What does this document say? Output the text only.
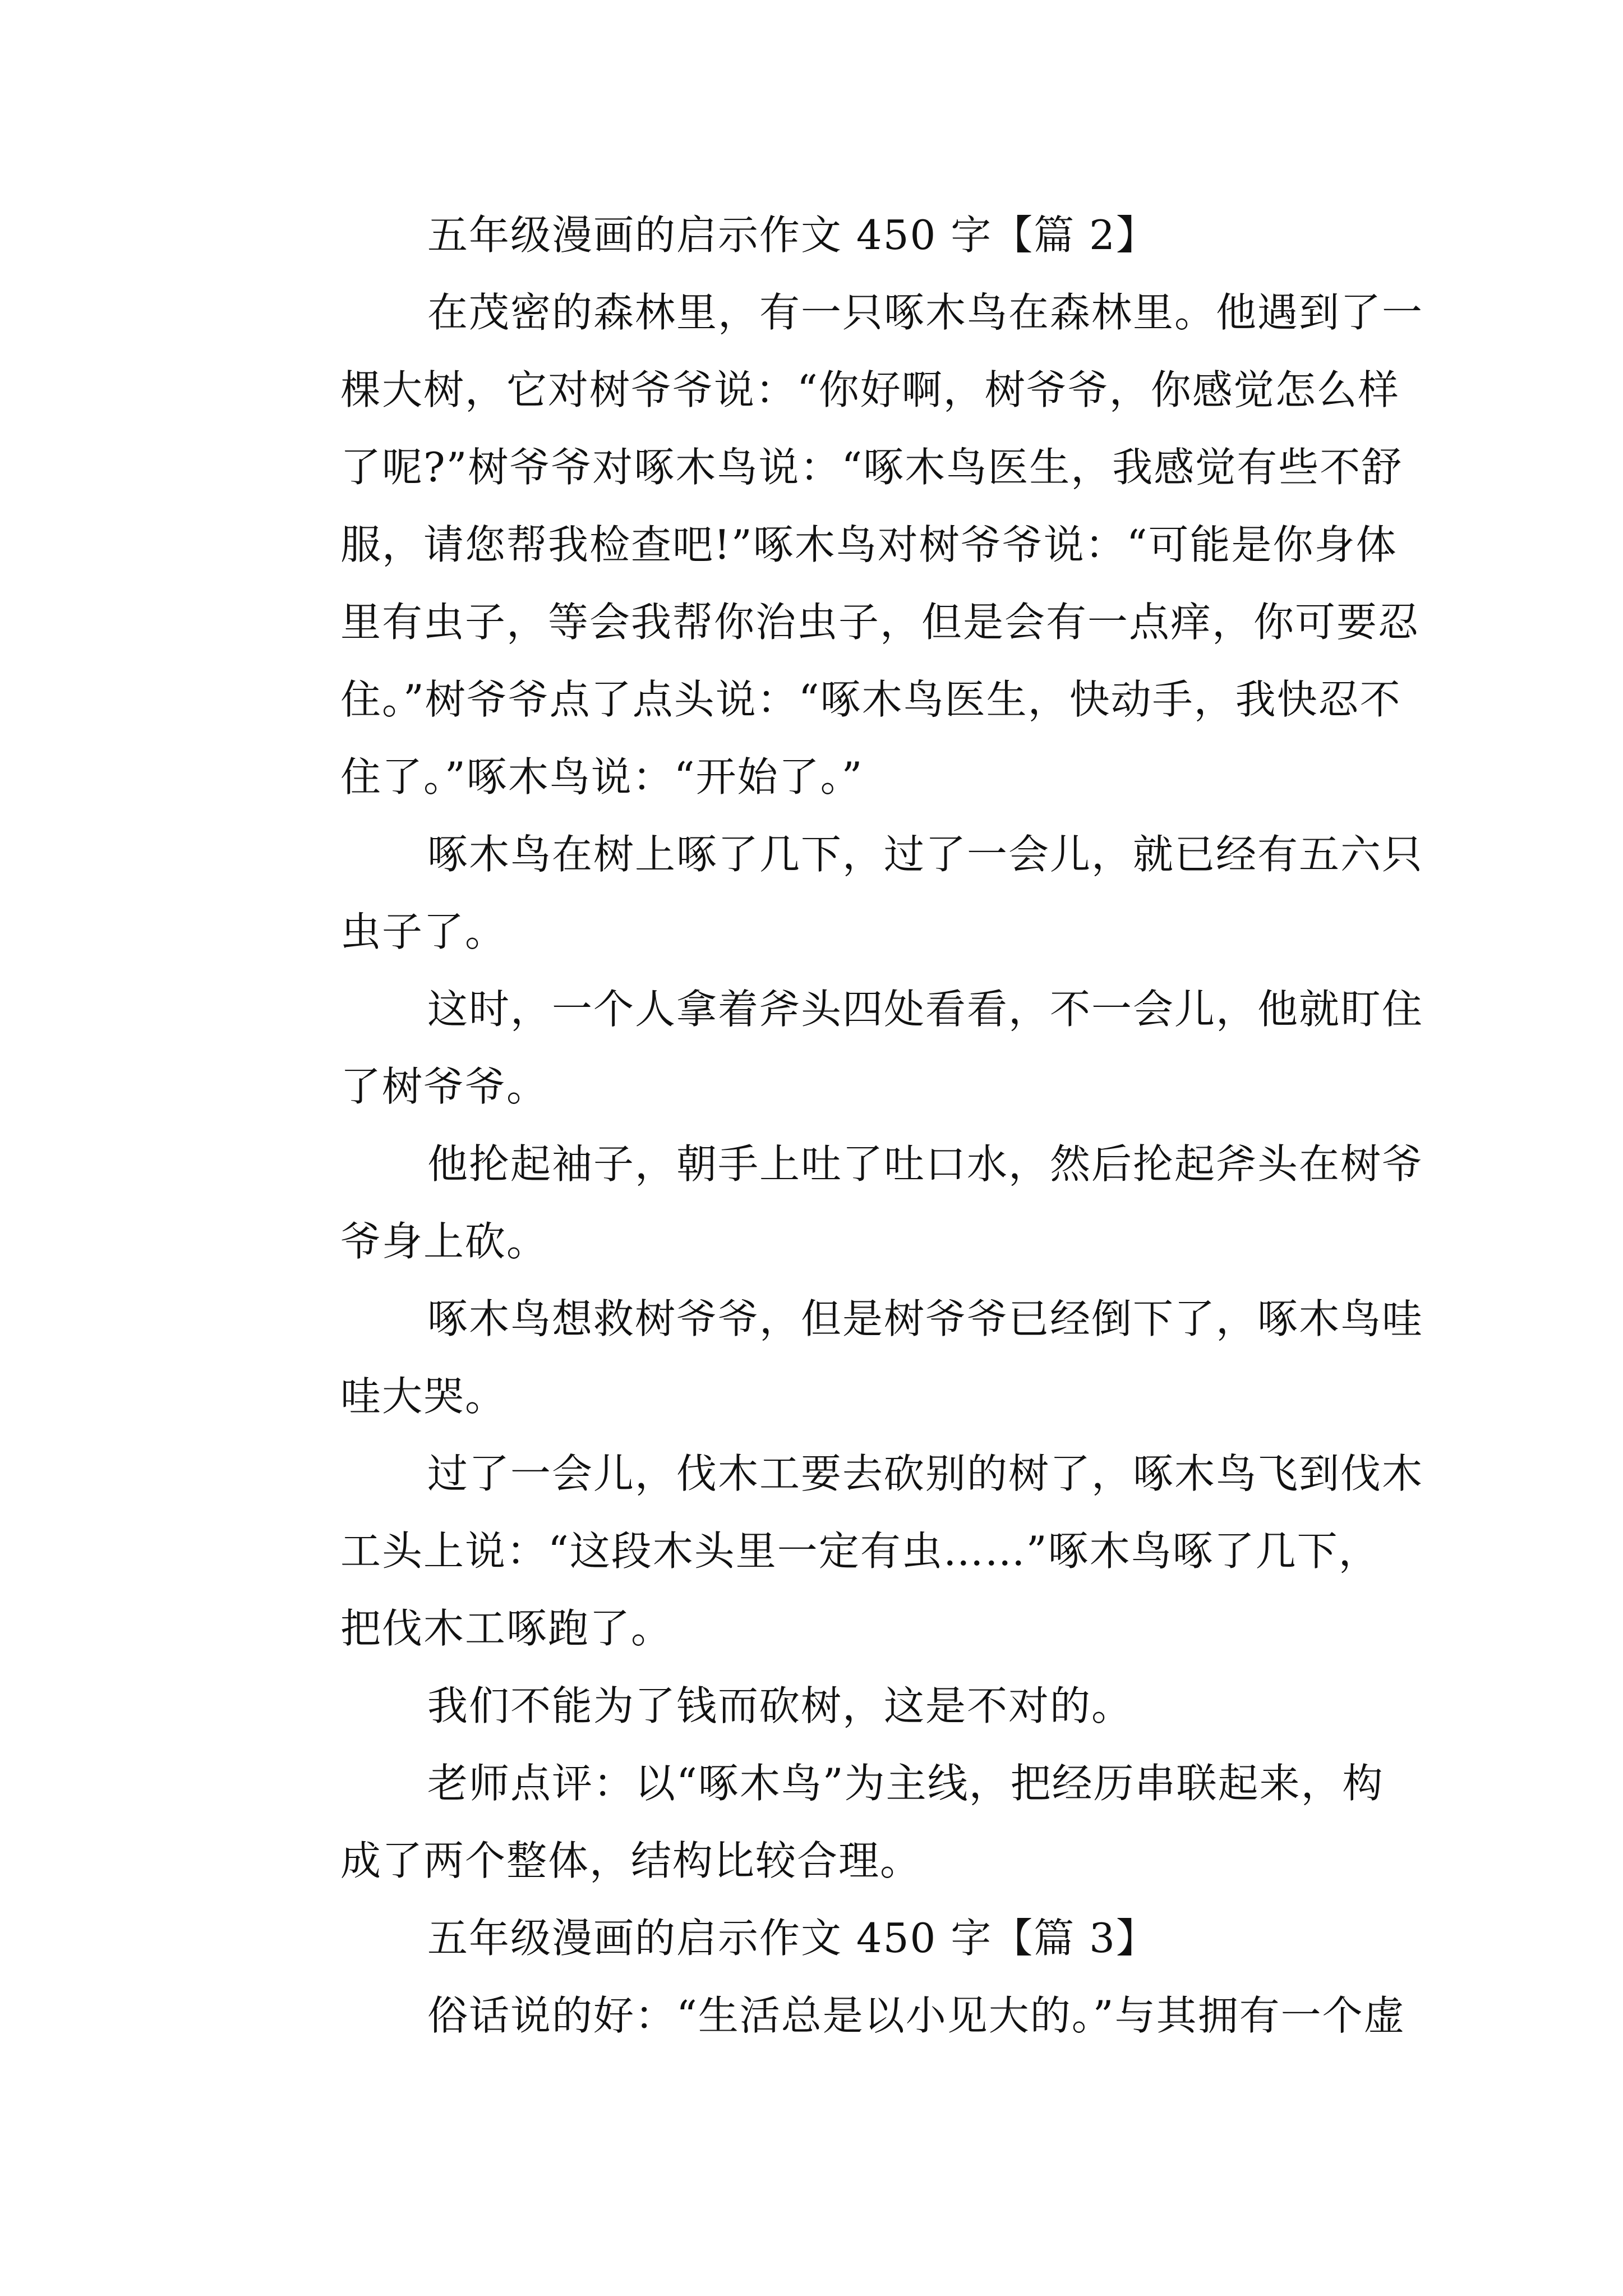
五年级漫画的启示作文 450 字【篇 2】
在茂密的森林里，有一只啄木鸟在森林里。他遇到了一
棵大树，它对树爷爷说：“你好啊，树爷爷，你感觉怎么样
了呢?”树爷爷对啄木鸟说：“啄木鸟医生，我感觉有些不舒
服，请您帮我检查吧!”啄木鸟对树爷爷说：“可能是你身体
里有虫子，等会我帮你治虫子，但是会有一点痒，你可要忍
住。”树爷爷点了点头说：“啄木鸟医生，快动手，我快忍不
住了。”啄木鸟说：“开始了。”
啄木鸟在树上啄了几下，过了一会儿，就已经有五六只
虫子了。
这时，一个人拿着斧头四处看看，不一会儿，他就盯住
了树爷爷。
他抡起袖子，朝手上吐了吐口水，然后抡起斧头在树爷
爷身上砍。
啄木鸟想救树爷爷，但是树爷爷已经倒下了，啄木鸟哇
哇大哭。
过了一会儿，伐木工要去砍别的树了，啄木鸟飞到伐木
工头上说：“这段木头里一定有虫……”啄木鸟啄了几下，
把伐木工啄跑了。
我们不能为了钱而砍树，这是不对的。
老师点评：以“啄木鸟”为主线，把经历串联起来，构
成了两个整体，结构比较合理。
五年级漫画的启示作文 450 字【篇 3】
俗话说的好：“生活总是以小见大的。”与其拥有一个虚
